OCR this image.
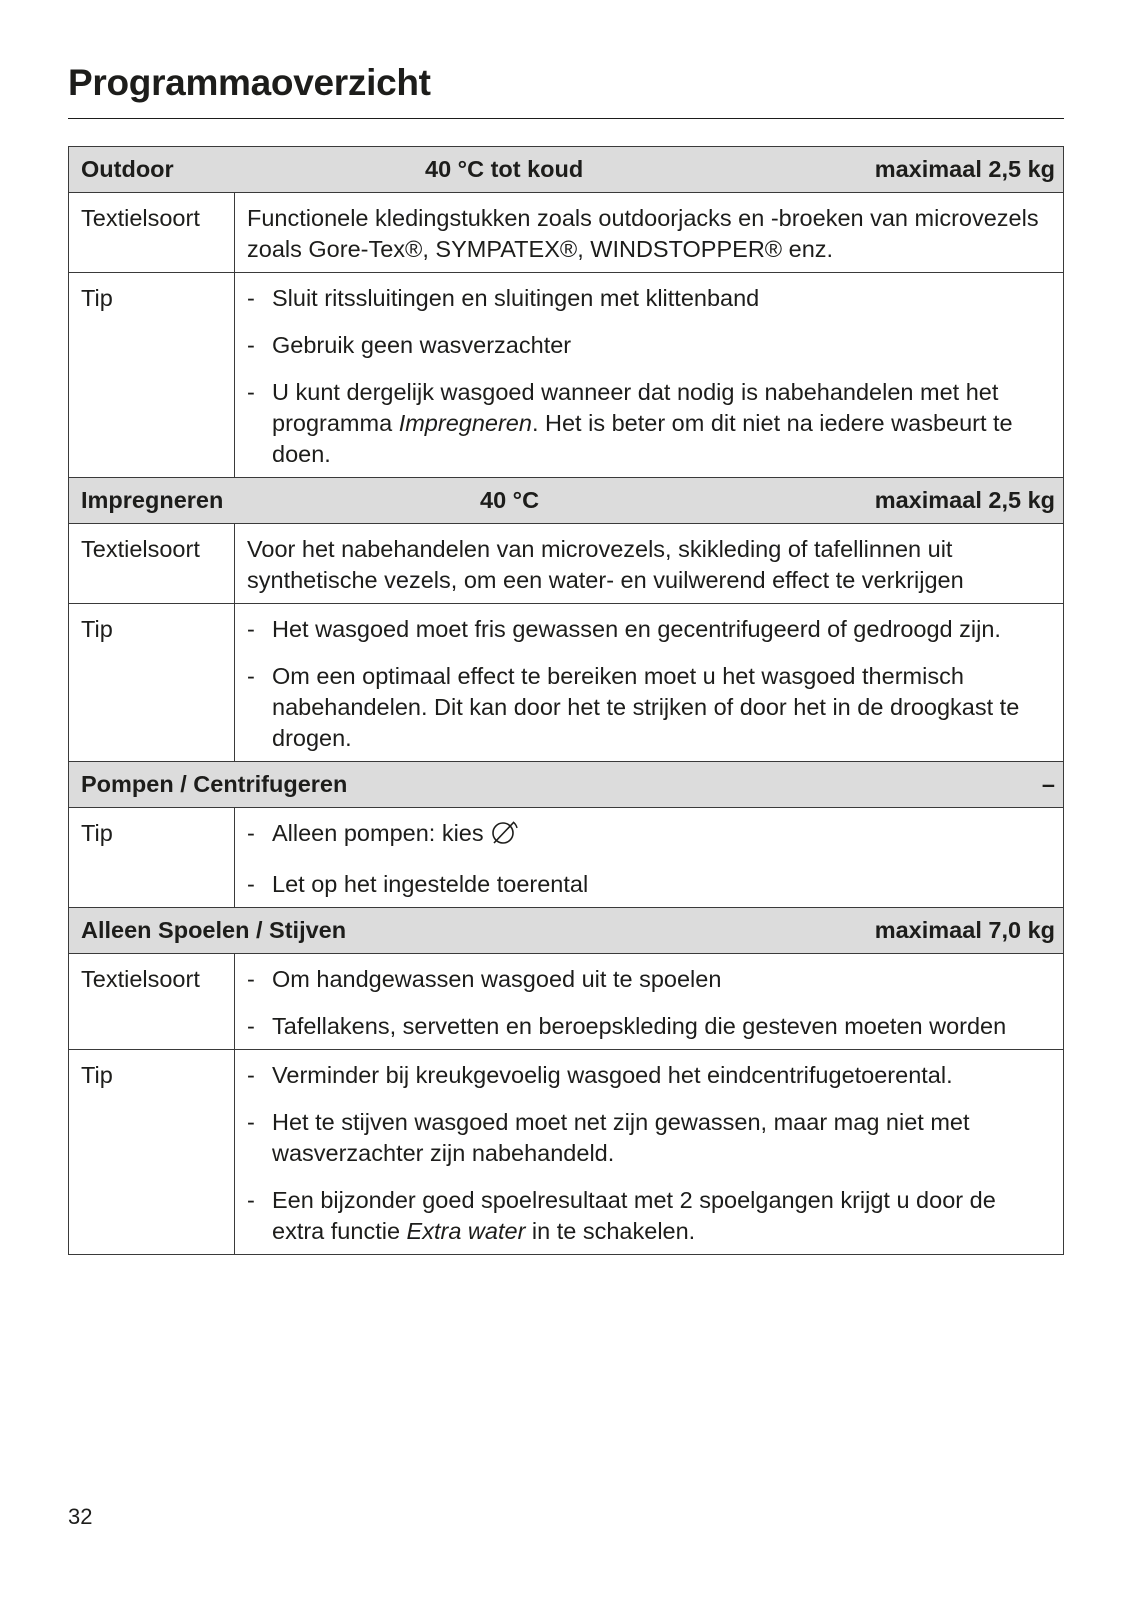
Programmaoverzicht
Outdoor	40 °C tot koud	maximaal 2,5 kg
Textielsoort	Functionele kledingstukken zoals outdoorjacks en -broeken van microvezels zoals Gore-Tex®, SYMPATEX®, WINDSTOPPER® enz.
Tip	- Sluit ritssluitingen en sluitingen met klittenband
- Gebruik geen wasverzachter
- U kunt dergelijk wasgoed wanneer dat nodig is nabehandelen met het programma Impregneren. Het is beter om dit niet na iedere wasbeurt te doen.
Impregneren	40 °C	maximaal 2,5 kg
Textielsoort	Voor het nabehandelen van microvezels, skikleding of tafellinnen uit synthetische vezels, om een water- en vuilwerend effect te verkrijgen
Tip	- Het wasgoed moet fris gewassen en gecentrifugeerd of gedroogd zijn.
- Om een optimaal effect te bereiken moet u het wasgoed thermisch nabehandelen. Dit kan door het te strijken of door het in de droogkast te drogen.
Pompen / Centrifugeren	–
Tip	- Alleen pompen: kies
- Let op het ingestelde toerental
Alleen Spoelen / Stijven	maximaal 7,0 kg
Textielsoort	- Om handgewassen wasgoed uit te spoelen
- Tafellakens, servetten en beroepskleding die gesteven moeten worden
Tip	- Verminder bij kreukgevoelig wasgoed het eindcentrifugetoerental.
- Het te stijven wasgoed moet net zijn gewassen, maar mag niet met wasverzachter zijn nabehandeld.
- Een bijzonder goed spoelresultaat met 2 spoelgangen krijgt u door de extra functie Extra water in te schakelen.
32
